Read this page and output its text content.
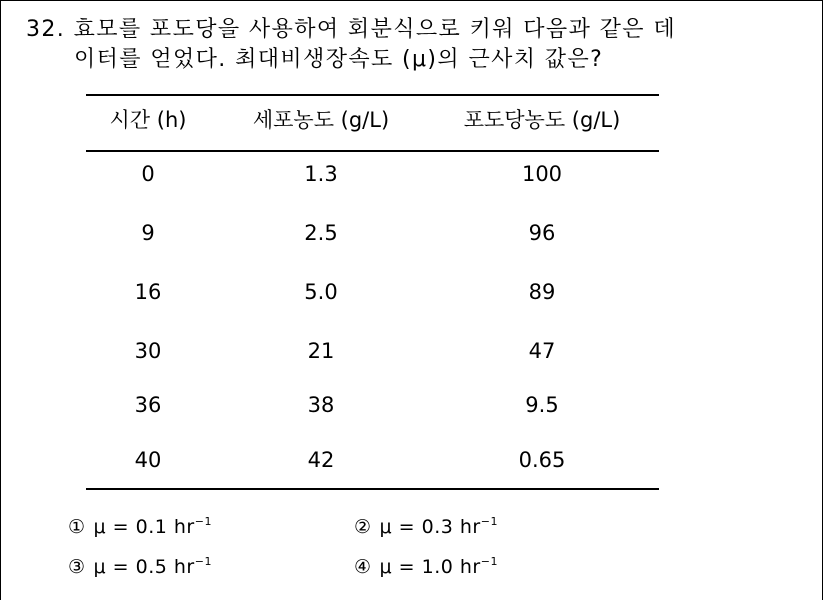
32. 효모를 포도당을 사용하여 회분식으로 키워 다음과 같은 데
이터를 얻었다. 최대비생장속도 (μ)의 근사치 값은?
시간 (h)	세포농도 (g/L)	포도당농도 (g/L)
0	1.3	100
9	2.5	96
16	5.0	89
30	21	47
36	38	9.5
40	42	0.65
① μ = 0.1 $hr^{-1}$	② μ = 0.3 $hr^{-1}$
③ μ = 0.5 $hr^{-1}$	④ μ = 1.0 $hr^{-1}$
